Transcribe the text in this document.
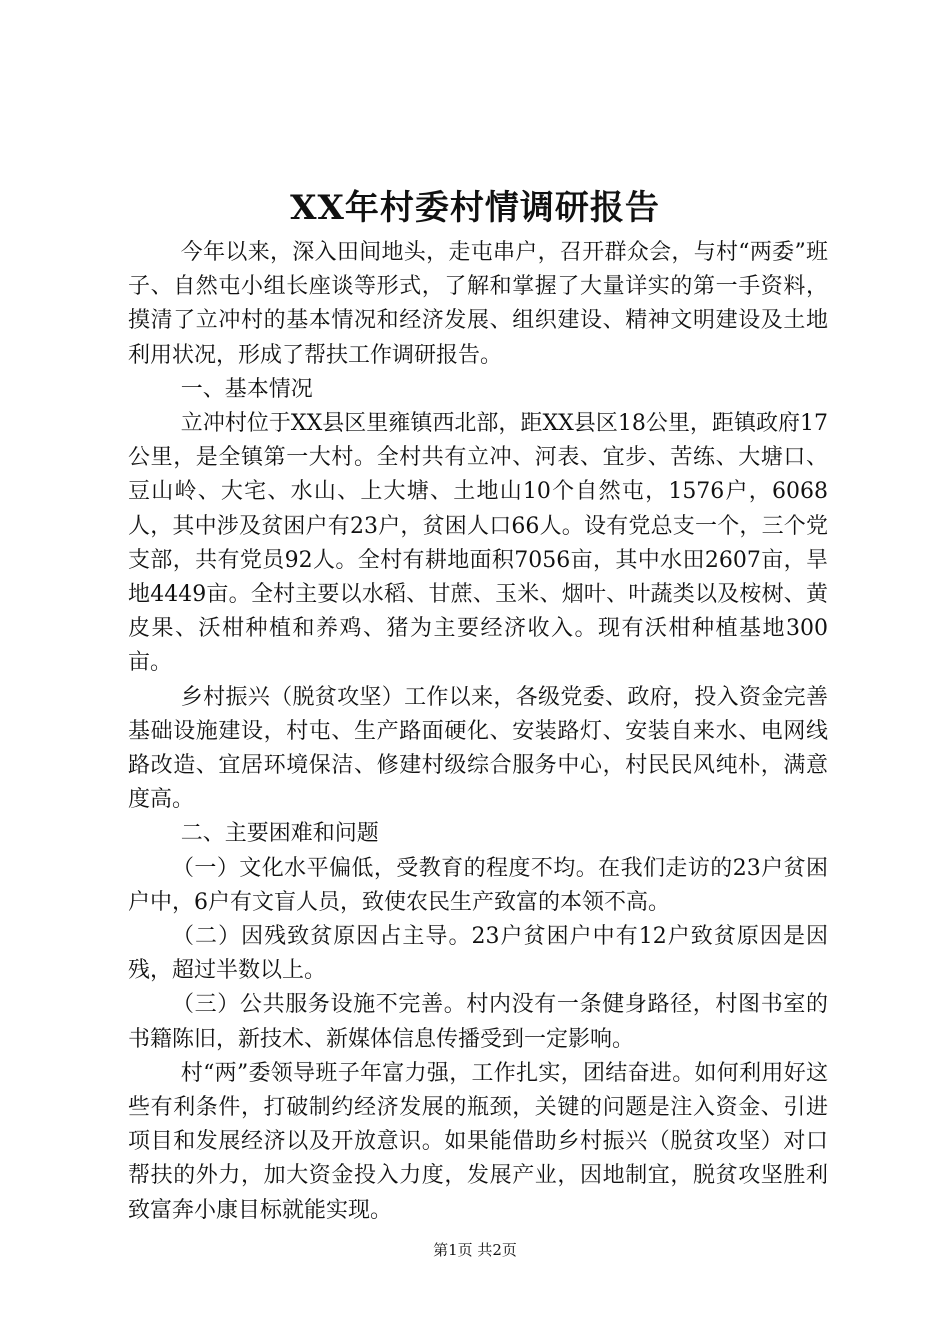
XX年村委村情调研报告

今年以来，深入田间地头，走屯串户，召开群众会，与村“两委”班子、自然屯小组长座谈等形式，了解和掌握了大量详实的第一手资料，摸清了立冲村的基本情况和经济发展、组织建设、精神文明建设及土地利用状况，形成了帮扶工作调研报告。

一、基本情况

立冲村位于XX县区里雍镇西北部，距XX县区18公里，距镇政府17公里，是全镇第一大村。全村共有立冲、河表、宜步、苦练、大塘口、豆山岭、大宅、水山、上大塘、土地山10个自然屯，1576户，6068人，其中涉及贫困户有23户，贫困人口66人。设有党总支一个，三个党支部，共有党员92人。全村有耕地面积7056亩，其中水田2607亩，旱地4449亩。全村主要以水稻、甘蔗、玉米、烟叶、叶蔬类以及桉树、黄皮果、沃柑种植和养鸡、猪为主要经济收入。现有沃柑种植基地300亩。

乡村振兴（脱贫攻坚）工作以来，各级党委、政府，投入资金完善基础设施建设，村屯、生产路面硬化、安装路灯、安装自来水、电网线路改造、宜居环境保洁、修建村级综合服务中心，村民民风纯朴，满意度高。

二、主要困难和问题

（一）文化水平偏低，受教育的程度不均。在我们走访的23户贫困户中，6户有文盲人员，致使农民生产致富的本领不高。

（二）因残致贫原因占主导。23户贫困户中有12户致贫原因是因残，超过半数以上。

（三）公共服务设施不完善。村内没有一条健身路径，村图书室的书籍陈旧，新技术、新媒体信息传播受到一定影响。

村“两”委领导班子年富力强，工作扎实，团结奋进。如何利用好这些有利条件，打破制约经济发展的瓶颈，关键的问题是注入资金、引进项目和发展经济以及开放意识。如果能借助乡村振兴（脱贫攻坚）对口帮扶的外力，加大资金投入力度，发展产业，因地制宜，脱贫攻坚胜利致富奔小康目标就能实现。

第1页 共2页
